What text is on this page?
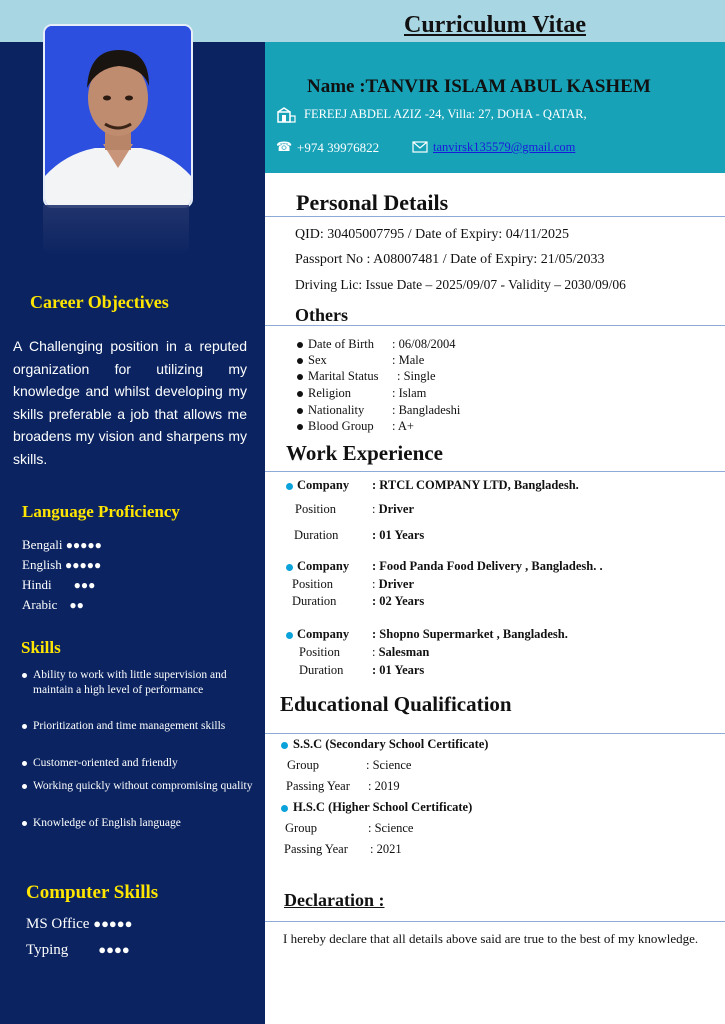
Curriculum Vitae
Career Objectives
A Challenging position in a reputed organization for utilizing my knowledge and whilst developing my skills preferable a job that allows me broadens my vision and sharpens my skills.
Language Proficiency
Bengali ●●●●●
English ●●●●●
Hindi ●●●
Arabic ●●
Skills
Ability to work with little supervision and maintain a high level of performance
Prioritization and time management skills
Customer-oriented and friendly
Working quickly without compromising quality
Knowledge of English language
Computer Skills
MS Office ●●●●●
Typing ●●●●
Name :TANVIR ISLAM ABUL KASHEM
FEREEJ ABDEL AZIZ -24, Villa: 27, DOHA - QATAR,
☎ +974 39976822	tanvirsk135579@gmail.com
Personal Details
QID: 30405007795 / Date of Expiry: 04/11/2025
Passport No : A08007481 / Date of Expiry: 21/05/2033
Driving Lic: Issue Date – 2025/09/07 - Validity – 2030/09/06
Others
Date of Birth : 06/08/2004
Sex	: Male
Marital Status : Single
Religion	: Islam
Nationality : Bangladeshi
Blood Group : A+
Work Experience
Company : RTCL COMPANY LTD, Bangladesh.
Position	: Driver
Duration	: 01 Years
Company : Food Panda Food Delivery , Bangladesh. .
Position	: Driver
Duration	: 02 Years
Company : Shopno Supermarket , Bangladesh.
Position	: Salesman
Duration : 01 Years
Educational Qualification
S.S.C (Secondary School Certificate)
Group	: Science
Passing Year : 2019
H.S.C (Higher School Certificate)
Group	: Science
Passing Year : 2021
Declaration :
I hereby declare that all details above said are true to the best of my knowledge.
